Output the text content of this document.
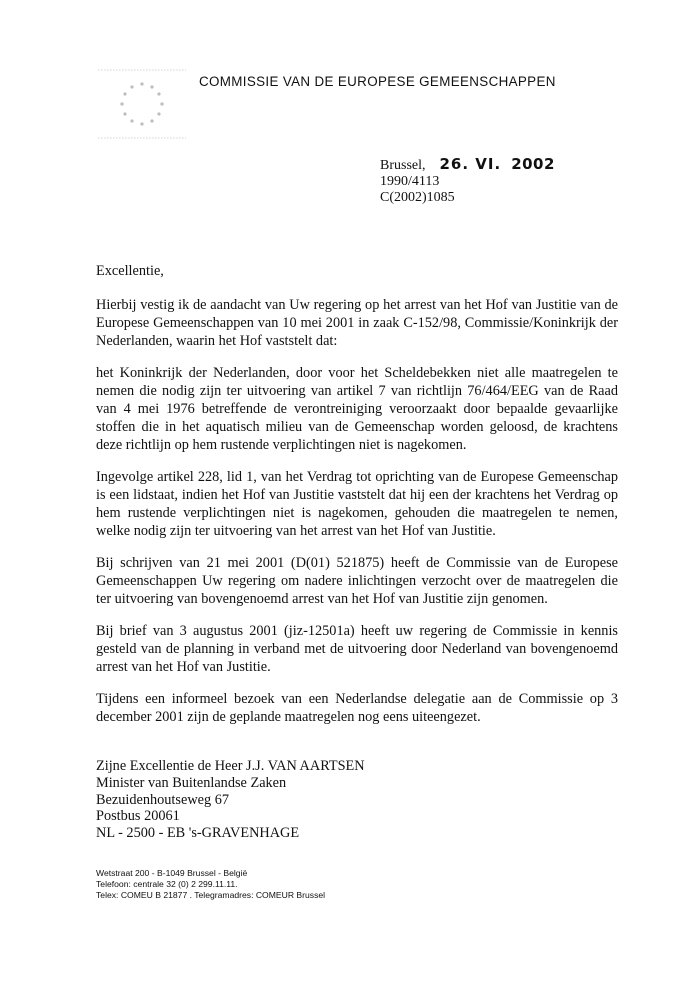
COMMISSIE VAN DE EUROPESE GEMEENSCHAPPEN
Brussel, 26. VI. 2002
1990/4113
C(2002)1085

Excellentie,

Hierbij vestig ik de aandacht van Uw regering op het arrest van het Hof van Justitie van de Europese Gemeenschappen van 10 mei 2001 in zaak C-152/98, Commissie/Koninkrijk der Nederlanden, waarin het Hof vaststelt dat:

het Koninkrijk der Nederlanden, door voor het Scheldebekken niet alle maatregelen te nemen die nodig zijn ter uitvoering van artikel 7 van richtlijn 76/464/EEG van de Raad van 4 mei 1976 betreffende de verontreiniging veroorzaakt door bepaalde gevaarlijke stoffen die in het aquatisch milieu van de Gemeenschap worden geloosd, de krachtens deze richtlijn op hem rustende verplichtingen niet is nagekomen.

Ingevolge artikel 228, lid 1, van het Verdrag tot oprichting van de Europese Gemeenschap is een lidstaat, indien het Hof van Justitie vaststelt dat hij een der krachtens het Verdrag op hem rustende verplichtingen niet is nagekomen, gehouden die maatregelen te nemen, welke nodig zijn ter uitvoering van het arrest van het Hof van Justitie.

Bij schrijven van 21 mei 2001 (D(01) 521875) heeft de Commissie van de Europese Gemeenschappen Uw regering om nadere inlichtingen verzocht over de maatregelen die ter uitvoering van bovengenoemd arrest van het Hof van Justitie zijn genomen.

Bij brief van 3 augustus 2001 (jiz-12501a) heeft uw regering de Commissie in kennis gesteld van de planning in verband met de uitvoering door Nederland van bovengenoemd arrest van het Hof van Justitie.

Tijdens een informeel bezoek van een Nederlandse delegatie aan de Commissie op 3 december 2001 zijn de geplande maatregelen nog eens uiteengezet.

Zijne Excellentie de Heer J.J. VAN AARTSEN
Minister van Buitenlandse Zaken
Bezuidenhoutseweg 67
Postbus 20061
NL - 2500 - EB 's-GRAVENHAGE
Wetstraat 200 - B-1049 Brussel - België
Telefoon: centrale 32 (0) 2 299.11.11.
Telex: COMEU B 21877 . Telegramadres: COMEUR Brussel
